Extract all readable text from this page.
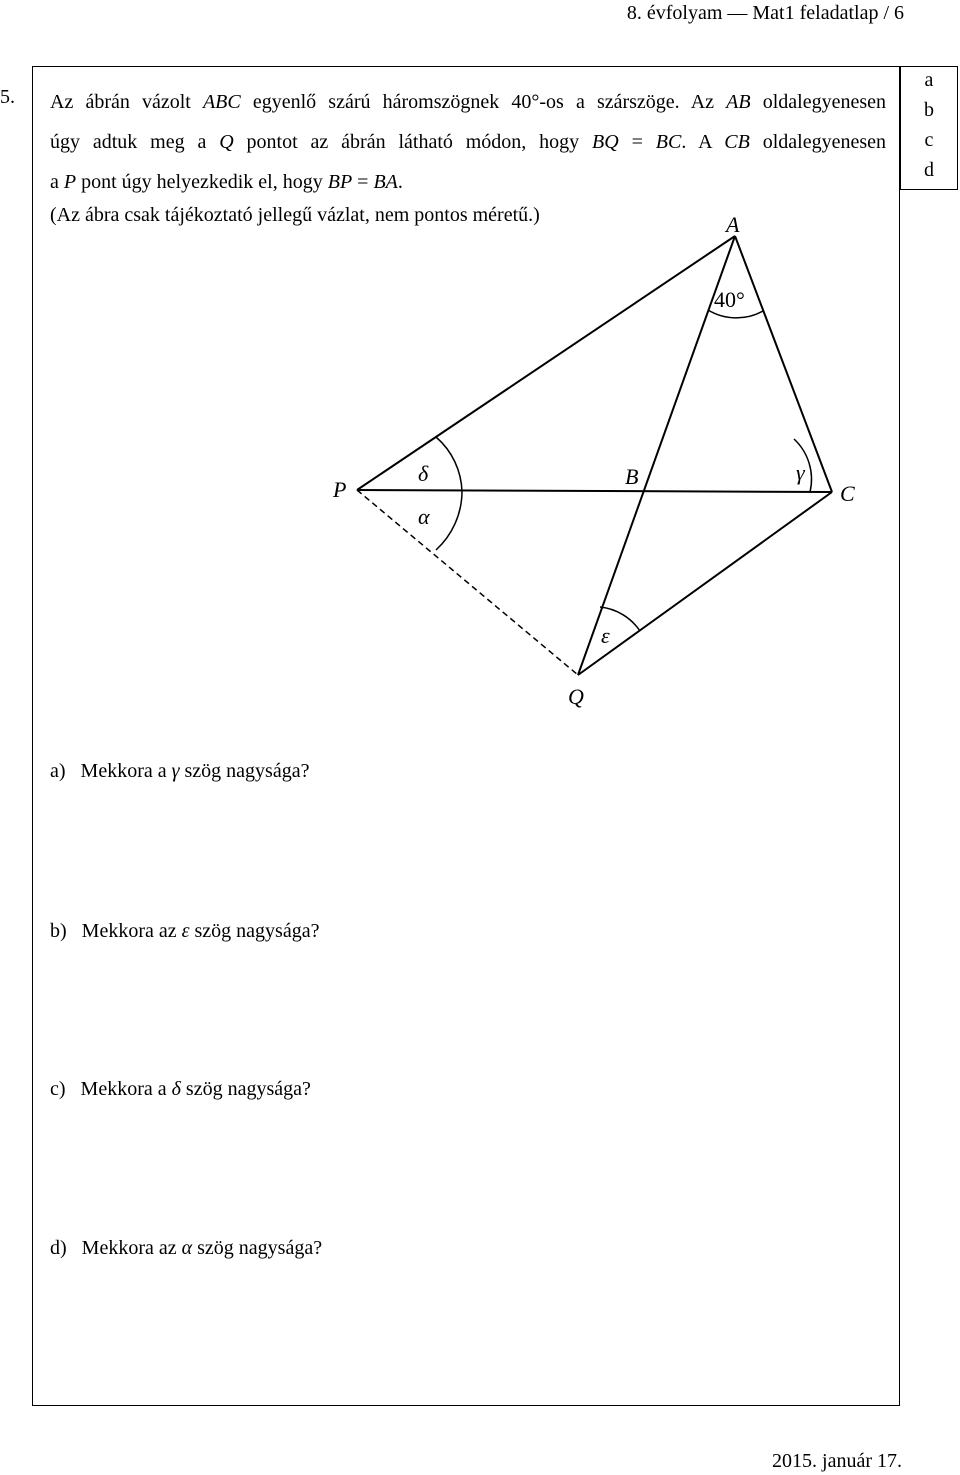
8. évfolyam — Mat1 feladatlap / 6
a
b
c
d
5. Az ábrán vázolt ABC egyenlő szárú háromszögnek 40°-os a szárszöge. Az AB oldalegyenesen
úgy adtuk meg a Q pontot az ábrán látható módon, hogy BQ = BC. A CB oldalegyenesen
a P pont úgy helyezkedik el, hogy BP = BA.
(Az ábra csak tájékoztató jellegű vázlat, nem pontos méretű.)	A
B
C
P
Q
40°
δ
α
γ
ε
a) Mekkora a γ szög nagysága?
b) Mekkora az ε szög nagysága?
c) Mekkora a δ szög nagysága?
d) Mekkora az α szög nagysága?
2015. január 17.
